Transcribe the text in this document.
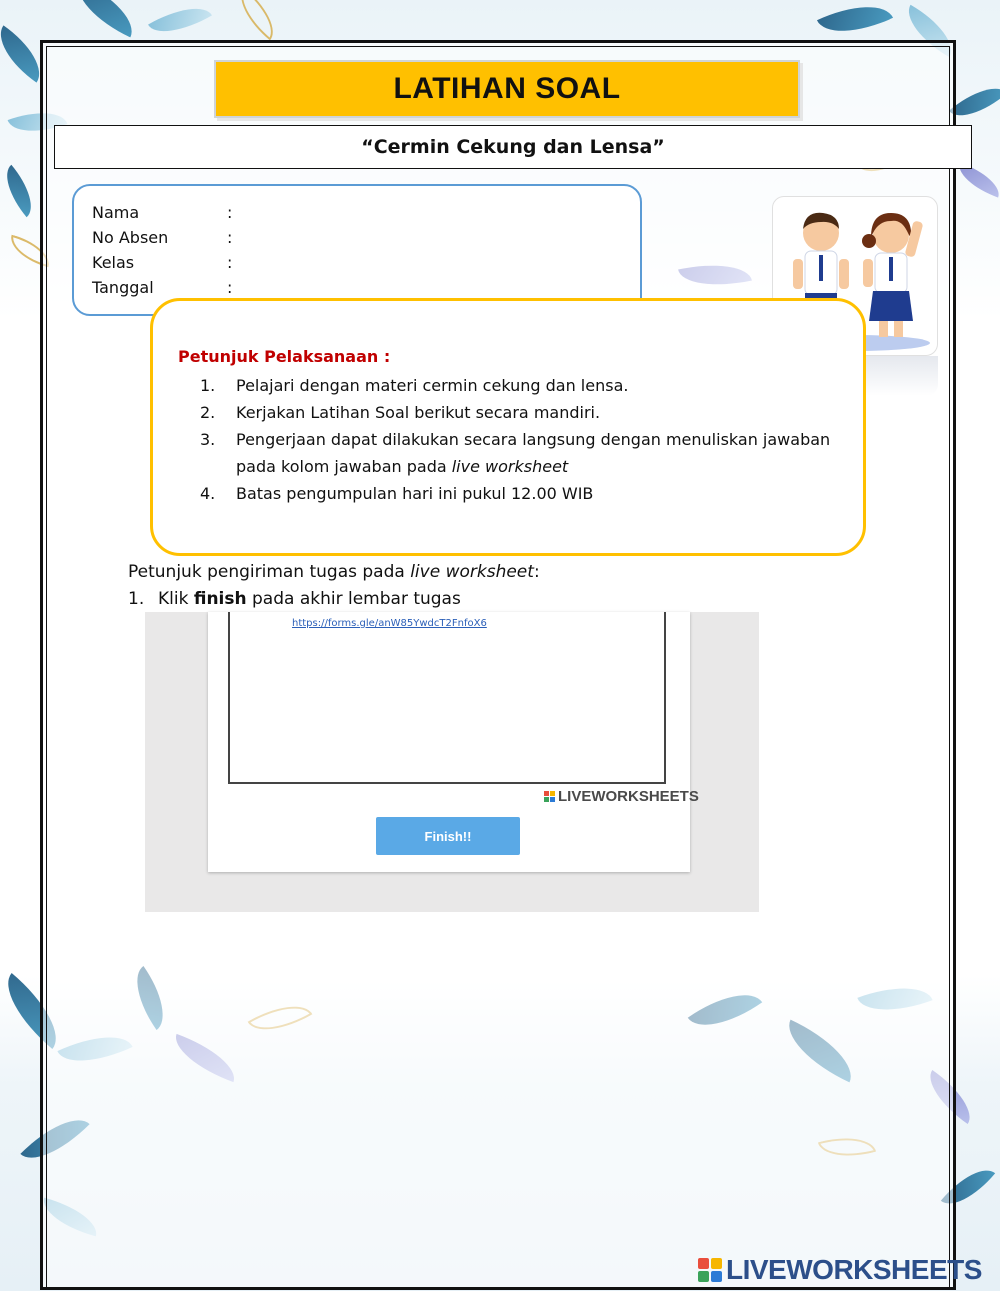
LATIHAN SOAL
“Cermin Cekung dan Lensa”
Nama	:
No Absen	:
Kelas	:
Tanggal	:
Petunjuk Pelaksanaan :
1.	Pelajari dengan materi cermin cekung dan lensa.
2.	Kerjakan Latihan Soal berikut secara mandiri.
3.	Pengerjaan dapat dilakukan secara langsung dengan menuliskan jawaban pada kolom jawaban pada live worksheet
4.	Batas pengumpulan hari ini pukul 12.00 WIB
Petunjuk pengiriman tugas pada live worksheet:
1. Klik finish pada akhir lembar tugas
https://forms.gle/anW85YwdcT2FnfoX6
LIVEWORKSHEETS
Finish!!
LIVEWORKSHEETS
